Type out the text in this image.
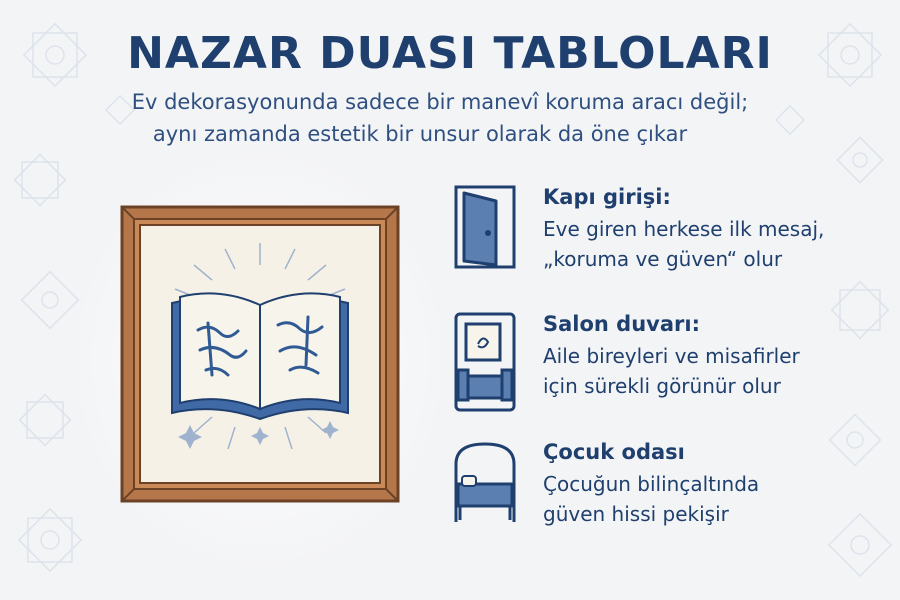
NAZAR DUASI TABLOLARI

Ev dekorasyonunda sadece bir manevî koruma aracı değil;

aynı zamanda estetik bir unsur olarak da öne çıkar

Kapı girişi:

Eve giren herkese ilk mesaj,

„koruma ve güven“ olur

Salon duvarı:

Aile bireyleri ve misafirler

için sürekli görünür olur

Çocuk odası

Çocuğun bilinçaltında

güven hissi pekişir
